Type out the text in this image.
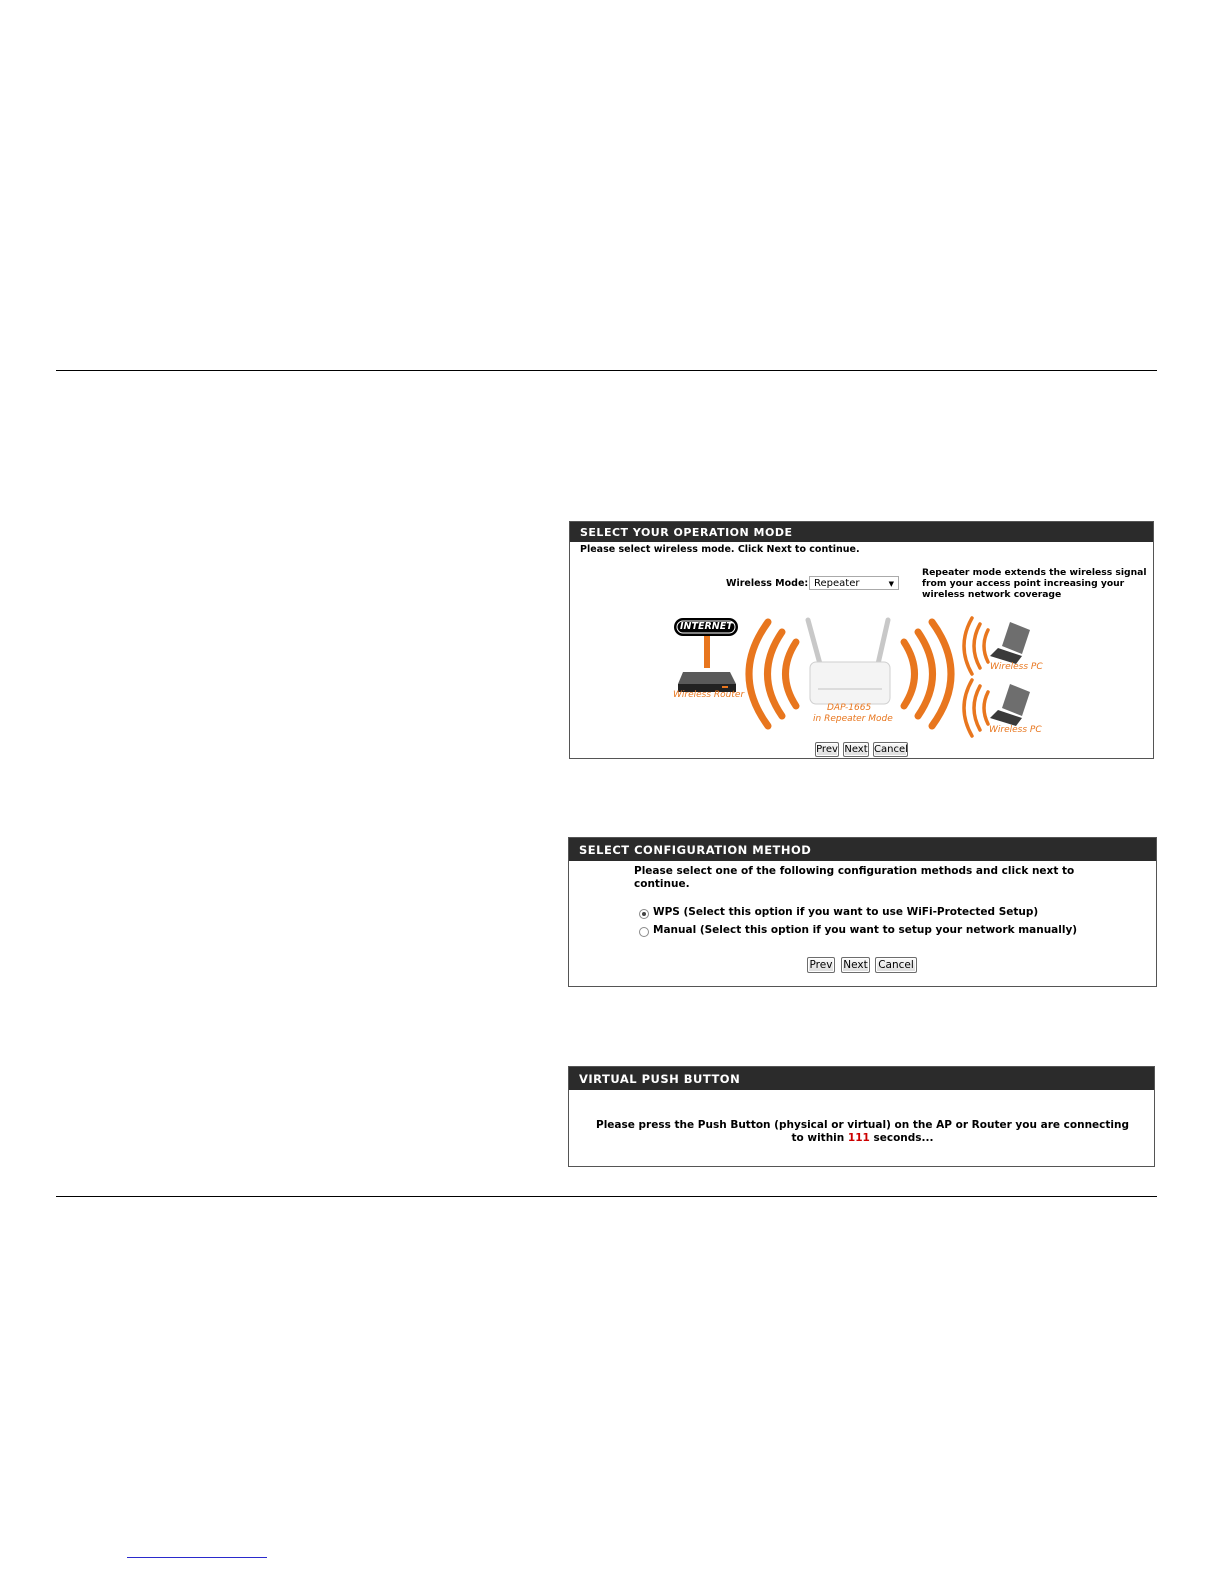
SELECT YOUR OPERATION MODE
Please select wireless mode. Click Next to continue.
Wireless Mode: Repeater	▼
Repeater mode extends the wireless signal from your access point increasing your wireless network coverage
INTERNET
Wireless Router
DAP-1665
in Repeater Mode
Wireless PC
Wireless PC
Prev Next Cancel
SELECT CONFIGURATION METHOD
Please select one of the following configuration methods and click next to continue.
WPS (Select this option if you want to use WiFi-Protected Setup)
Manual (Select this option if you want to setup your network manually)
Prev Next Cancel
VIRTUAL PUSH BUTTON
Please press the Push Button (physical or virtual) on the AP or Router you are connecting to within 111 seconds...
